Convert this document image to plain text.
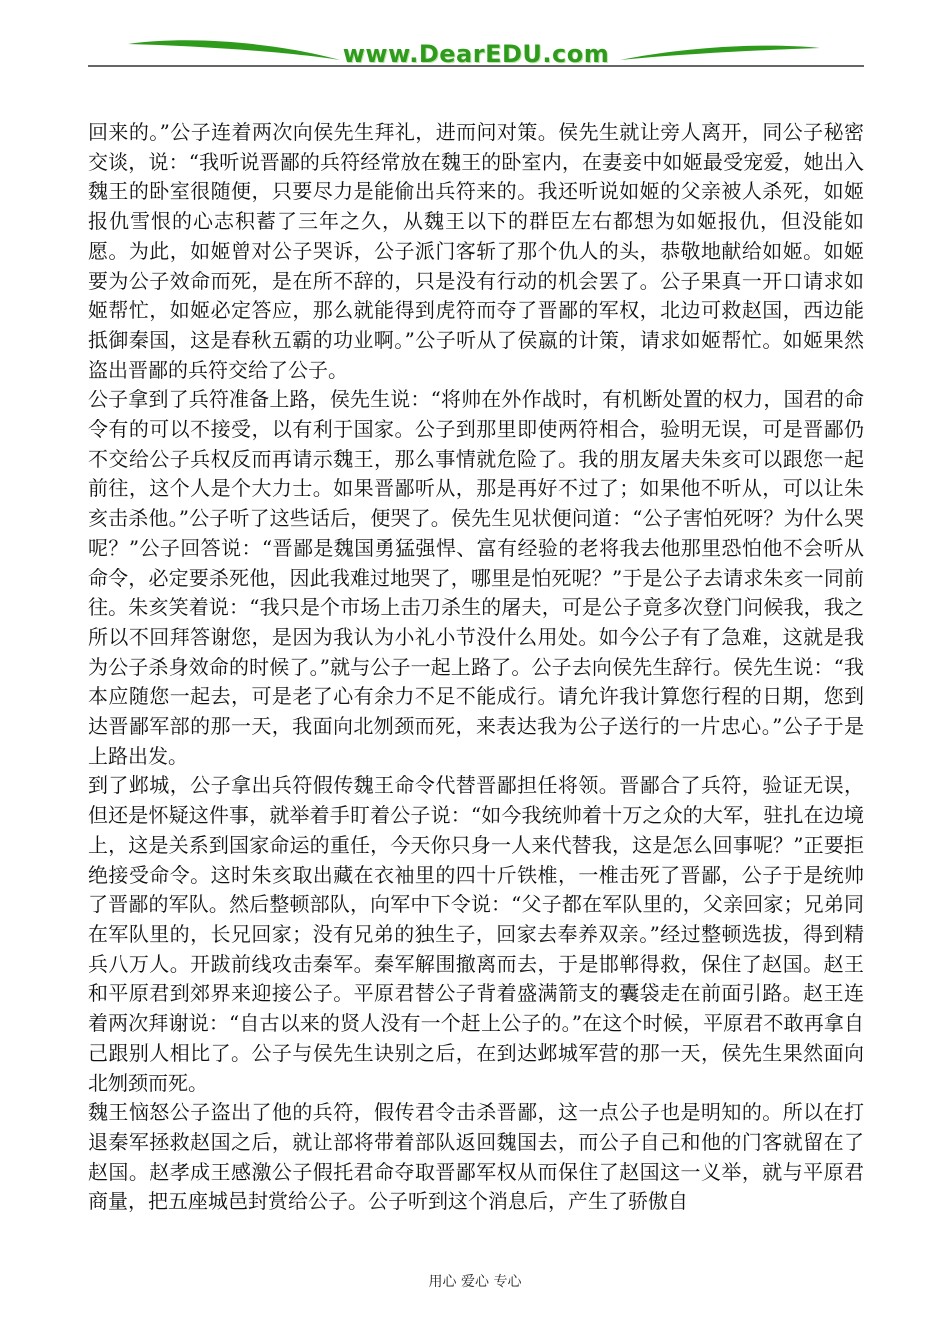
www.DearEDU.com

回来的。”公子连着两次向侯先生拜礼，进而问对策。侯先生就让旁人离开，同公子秘密交谈，说：“我听说晋鄙的兵符经常放在魏王的卧室内，在妻妾中如姬最受宠爱，她出入魏王的卧室很随便，只要尽力是能偷出兵符来的。我还听说如姬的父亲被人杀死，如姬报仇雪恨的心志积蓄了三年之久，从魏王以下的群臣左右都想为如姬报仇，但没能如愿。为此，如姬曾对公子哭诉，公子派门客斩了那个仇人的头，恭敬地献给如姬。如姬要为公子效命而死，是在所不辞的，只是没有行动的机会罢了。公子果真一开口请求如姬帮忙，如姬必定答应，那么就能得到虎符而夺了晋鄙的军权，北边可救赵国，西边能抵御秦国，这是春秋五霸的功业啊。”公子听从了侯嬴的计策，请求如姬帮忙。如姬果然盗出晋鄙的兵符交给了公子。

公子拿到了兵符准备上路，侯先生说：“将帅在外作战时，有机断处置的权力，国君的命令有的可以不接受，以有利于国家。公子到那里即使两符相合，验明无误，可是晋鄙仍不交给公子兵权反而再请示魏王，那么事情就危险了。我的朋友屠夫朱亥可以跟您一起前往，这个人是个大力士。如果晋鄙听从，那是再好不过了；如果他不听从，可以让朱亥击杀他。”公子听了这些话后，便哭了。侯先生见状便问道：“公子害怕死呀？为什么哭呢？”公子回答说：“晋鄙是魏国勇猛强悍、富有经验的老将我去他那里恐怕他不会听从命令，必定要杀死他，因此我难过地哭了，哪里是怕死呢？”于是公子去请求朱亥一同前往。朱亥笑着说：“我只是个市场上击刀杀生的屠夫，可是公子竟多次登门问候我，我之所以不回拜答谢您，是因为我认为小礼小节没什么用处。如今公子有了急难，这就是我为公子杀身效命的时候了。”就与公子一起上路了。公子去向侯先生辞行。侯先生说：“我本应随您一起去，可是老了心有余力不足不能成行。请允许我计算您行程的日期，您到达晋鄙军部的那一天，我面向北刎颈而死，来表达我为公子送行的一片忠心。”公子于是上路出发。

到了邺城，公子拿出兵符假传魏王命令代替晋鄙担任将领。晋鄙合了兵符，验证无误，但还是怀疑这件事，就举着手盯着公子说：“如今我统帅着十万之众的大军，驻扎在边境上，这是关系到国家命运的重任，今天你只身一人来代替我，这是怎么回事呢？”正要拒绝接受命令。这时朱亥取出藏在衣袖里的四十斤铁椎，一椎击死了晋鄙，公子于是统帅了晋鄙的军队。然后整顿部队，向军中下令说：“父子都在军队里的，父亲回家；兄弟同在军队里的，长兄回家；没有兄弟的独生子，回家去奉养双亲。”经过整顿选拔，得到精兵八万人。开跋前线攻击秦军。秦军解围撤离而去，于是邯郸得救，保住了赵国。赵王和平原君到郊界来迎接公子。平原君替公子背着盛满箭支的囊袋走在前面引路。赵王连着两次拜谢说：“自古以来的贤人没有一个赶上公子的。”在这个时候，平原君不敢再拿自己跟别人相比了。公子与侯先生诀别之后，在到达邺城军营的那一天，侯先生果然面向北刎颈而死。

魏王恼怒公子盗出了他的兵符，假传君令击杀晋鄙，这一点公子也是明知的。所以在打退秦军拯救赵国之后，就让部将带着部队返回魏国去，而公子自己和他的门客就留在了赵国。赵孝成王感激公子假托君命夺取晋鄙军权从而保住了赵国这一义举，就与平原君商量，把五座城邑封赏给公子。公子听到这个消息后，产生了骄傲自

用心 爱心 专心
